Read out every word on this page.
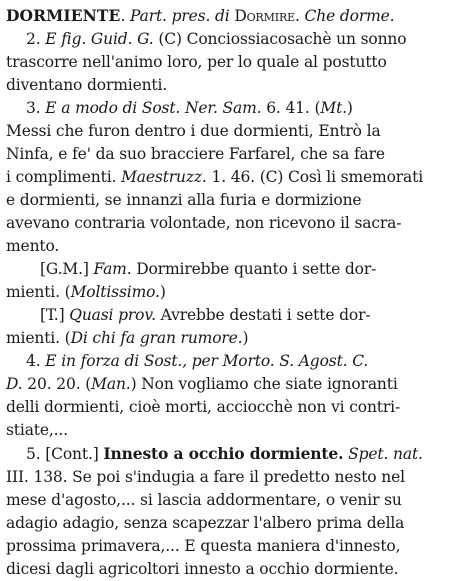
DORMIENTE. Part. pres. di Dormire. Che dorme.
2. E fig. Guid. G. (C) Conciossiacosachè un sonno
trascorre nell'animo loro, per lo quale al postutto
diventano dormienti.
3. E a modo di Sost. Ner. Sam. 6. 41. (Mt.)
Messi che furon dentro i due dormienti, Entrò la
Ninfa, e fe' da suo bracciere Farfarel, che sa fare
i complimenti. Maestruzz. 1. 46. (C) Così li smemorati
e dormienti, se innanzi alla furia e dormizione
avevano contraria volontade, non ricevono il sacra-
mento.
[G.M.] Fam. Dormirebbe quanto i sette dor-
mienti. (Moltissimo.)
[T.] Quasi prov. Avrebbe destati i sette dor-
mienti. (Di chi fa gran rumore.)
4. E in forza di Sost., per Morto. S. Agost. C.
D. 20. 20. (Man.) Non vogliamo che siate ignoranti
delli dormienti, cioè morti, acciocchè non vi contri-
stiate,...
5. [Cont.] Innesto a occhio dormiente. Spet. nat.
III. 138. Se poi s'indugia a fare il predetto nesto nel
mese d'agosto,... si lascia addormentare, o venir su
adagio adagio, senza scapezzar l'albero prima della
prossima primavera,... E questa maniera d'innesto,
dicesi dagli agricoltori innesto a occhio dormiente.
